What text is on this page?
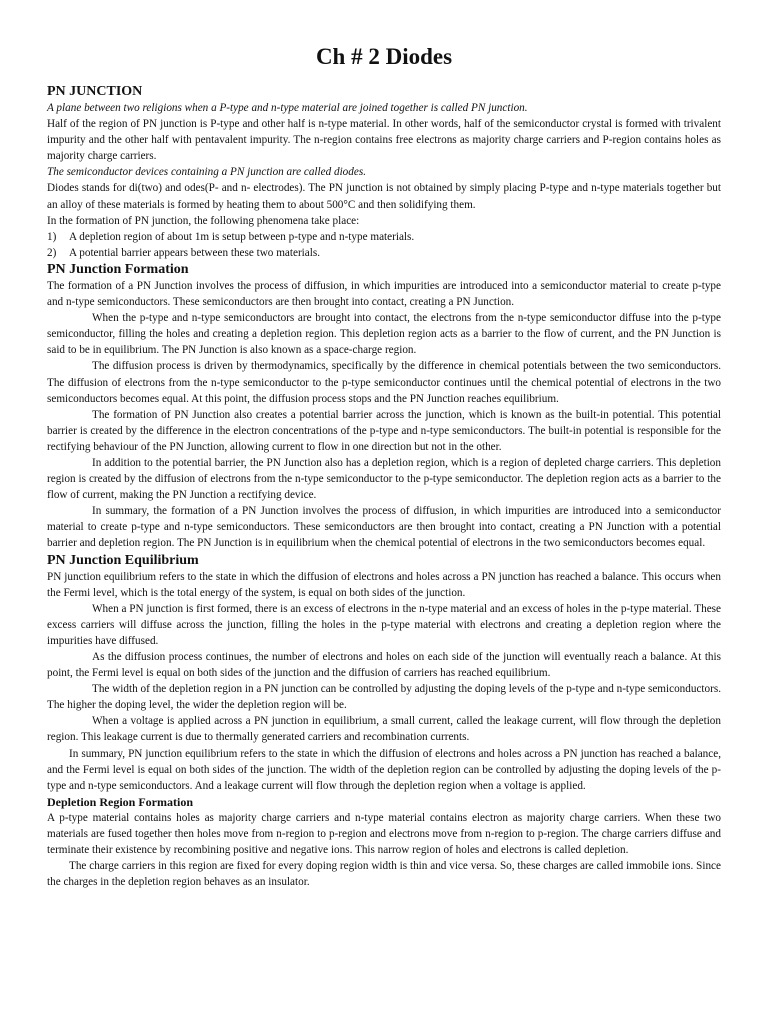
Ch # 2 Diodes
PN JUNCTION

A plane between two religions when a P-type and n-type material are joined together is called PN junction.

Half of the region of PN junction is P-type and other half is n-type material. In other words, half of the semiconductor crystal is formed with trivalent impurity and the other half with pentavalent impurity. The n-region contains free electrons as majority charge carriers and P-region contains holes as majority charge carriers.

The semiconductor devices containing a PN junction are called diodes.

Diodes stands for di(two) and odes(P- and n- electrodes). The PN junction is not obtained by simply placing P-type and n-type materials together but an alloy of these materials is formed by heating them to about 500°C and then solidifying them.

In the formation of PN junction, the following phenomena take place:

1)	A depletion region of about 1m is setup between p-type and n-type materials.
2)	A potential barrier appears between these two materials.
PN Junction Formation

The formation of a PN Junction involves the process of diffusion, in which impurities are introduced into a semiconductor material to create p-type and n-type semiconductors. These semiconductors are then brought into contact, creating a PN Junction.

When the p-type and n-type semiconductors are brought into contact, the electrons from the n-type semiconductor diffuse into the p-type semiconductor, filling the holes and creating a depletion region. This depletion region acts as a barrier to the flow of current, and the PN Junction is said to be in equilibrium. The PN Junction is also known as a space-charge region.

The diffusion process is driven by thermodynamics, specifically by the difference in chemical potentials between the two semiconductors. The diffusion of electrons from the n-type semiconductor to the p-type semiconductor continues until the chemical potential of electrons in the two semiconductors becomes equal. At this point, the diffusion process stops and the PN Junction reaches equilibrium.

The formation of PN Junction also creates a potential barrier across the junction, which is known as the built-in potential. This potential barrier is created by the difference in the electron concentrations of the p-type and n-type semiconductors. The built-in potential is responsible for the rectifying behaviour of the PN Junction, allowing current to flow in one direction but not in the other.

In addition to the potential barrier, the PN Junction also has a depletion region, which is a region of depleted charge carriers. This depletion region is created by the diffusion of electrons from the n-type semiconductor to the p-type semiconductor. The depletion region acts as a barrier to the flow of current, making the PN Junction a rectifying device.

In summary, the formation of a PN Junction involves the process of diffusion, in which impurities are introduced into a semiconductor material to create p-type and n-type semiconductors. These semiconductors are then brought into contact, creating a PN Junction with a potential barrier and depletion region. The PN Junction is in equilibrium when the chemical potential of electrons in the two semiconductors becomes equal.

PN Junction Equilibrium

PN junction equilibrium refers to the state in which the diffusion of electrons and holes across a PN junction has reached a balance. This occurs when the Fermi level, which is the total energy of the system, is equal on both sides of the junction.

When a PN junction is first formed, there is an excess of electrons in the n-type material and an excess of holes in the p-type material. These excess carriers will diffuse across the junction, filling the holes in the p-type material with electrons and creating a depletion region where the impurities have diffused.

As the diffusion process continues, the number of electrons and holes on each side of the junction will eventually reach a balance. At this point, the Fermi level is equal on both sides of the junction and the diffusion of carriers has reached equilibrium.

The width of the depletion region in a PN junction can be controlled by adjusting the doping levels of the p-type and n-type semiconductors. The higher the doping level, the wider the depletion region will be.

When a voltage is applied across a PN junction in equilibrium, a small current, called the leakage current, will flow through the depletion region. This leakage current is due to thermally generated carriers and recombination currents.

In summary, PN junction equilibrium refers to the state in which the diffusion of electrons and holes across a PN junction has reached a balance, and the Fermi level is equal on both sides of the junction. The width of the depletion region can be controlled by adjusting the doping levels of the p-type and n-type semiconductors. And a leakage current will flow through the depletion region when a voltage is applied.

Depletion Region Formation

A p-type material contains holes as majority charge carriers and n-type material contains electron as majority charge carriers. When these two materials are fused together then holes move from n-region to p-region and electrons move from n-region to p-region. The charge carriers diffuse and terminate their existence by recombining positive and negative ions. This narrow region of holes and electrons is called depletion.

The charge carriers in this region are fixed for every doping region width is thin and vice versa. So, these charges are called immobile ions. Since the charges in the depletion region behaves as an insulator.
